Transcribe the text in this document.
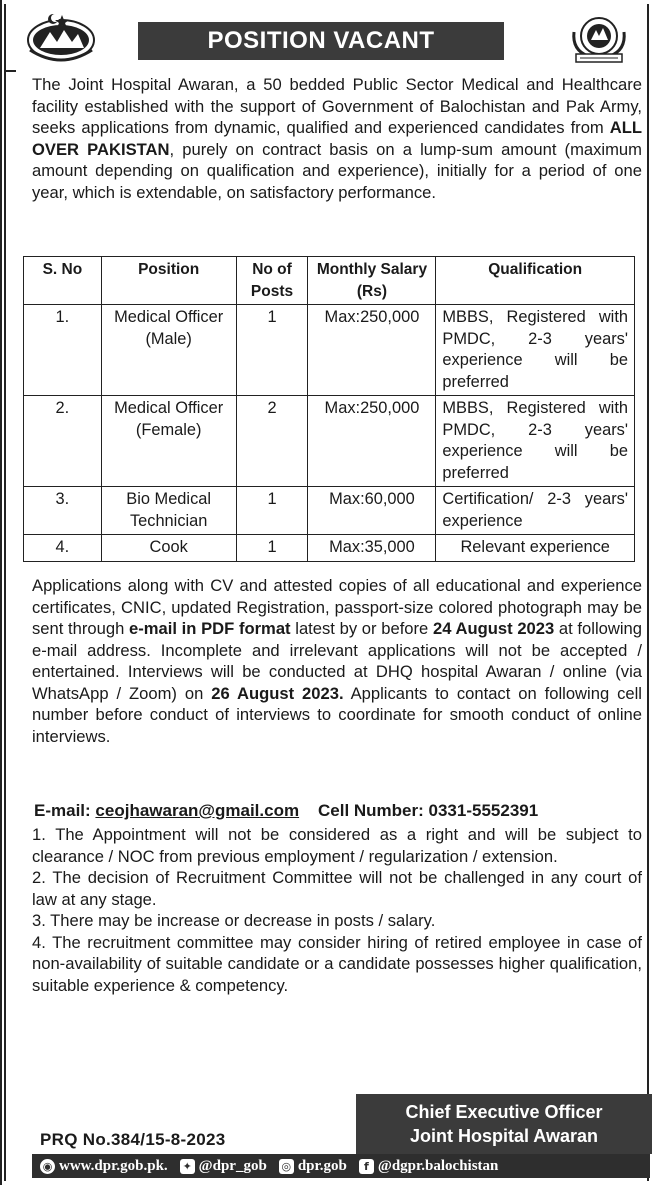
POSITION VACANT
The Joint Hospital Awaran, a 50 bedded Public Sector Medical and Healthcare facility established with the support of Government of Balochistan and Pak Army, seeks applications from dynamic, qualified and experienced candidates from ALL OVER PAKISTAN, purely on contract basis on a lump-sum amount (maximum amount depending on qualification and experience), initially for a period of one year, which is extendable, on satisfactory performance.
S. No	Position	No of Posts	Monthly Salary (Rs)	Qualification
1.	Medical Officer (Male)	1	Max:250,000	MBBS, Registered with PMDC, 2-3 years' experience will be preferred
2.	Medical Officer (Female)	2	Max:250,000	MBBS, Registered with PMDC, 2-3 years' experience will be preferred
3.	Bio Medical Technician	1	Max:60,000	Certification/ 2-3 years' experience
4.	Cook	1	Max:35,000	Relevant experience
Applications along with CV and attested copies of all educational and experience certificates, CNIC, updated Registration, passport-size colored photograph may be sent through e-mail in PDF format latest by or before 24 August 2023 at following e-mail address. Incomplete and irrelevant applications will not be accepted / entertained. Interviews will be conducted at DHQ hospital Awaran / online (via WhatsApp / Zoom) on 26 August 2023. Applicants to contact on following cell number before conduct of interviews to coordinate for smooth conduct of online interviews.
E-mail: ceojhawaran@gmail.com Cell Number: 0331-5552391

1. The Appointment will not be considered as a right and will be subject to clearance / NOC from previous employment / regularization / extension.

2. The decision of Recruitment Committee will not be challenged in any court of law at any stage.

3. There may be increase or decrease in posts / salary.

4. The recruitment committee may consider hiring of retired employee in case of non-availability of suitable candidate or a candidate possesses higher qualification, suitable experience & competency.

Chief Executive Officer
Joint Hospital Awaran
PRQ No.384/15-8-2023
◉ www.dpr.gob.pk. ✦ @dpr_gob ◎ dpr.gob	f @dgpr.balochistan
